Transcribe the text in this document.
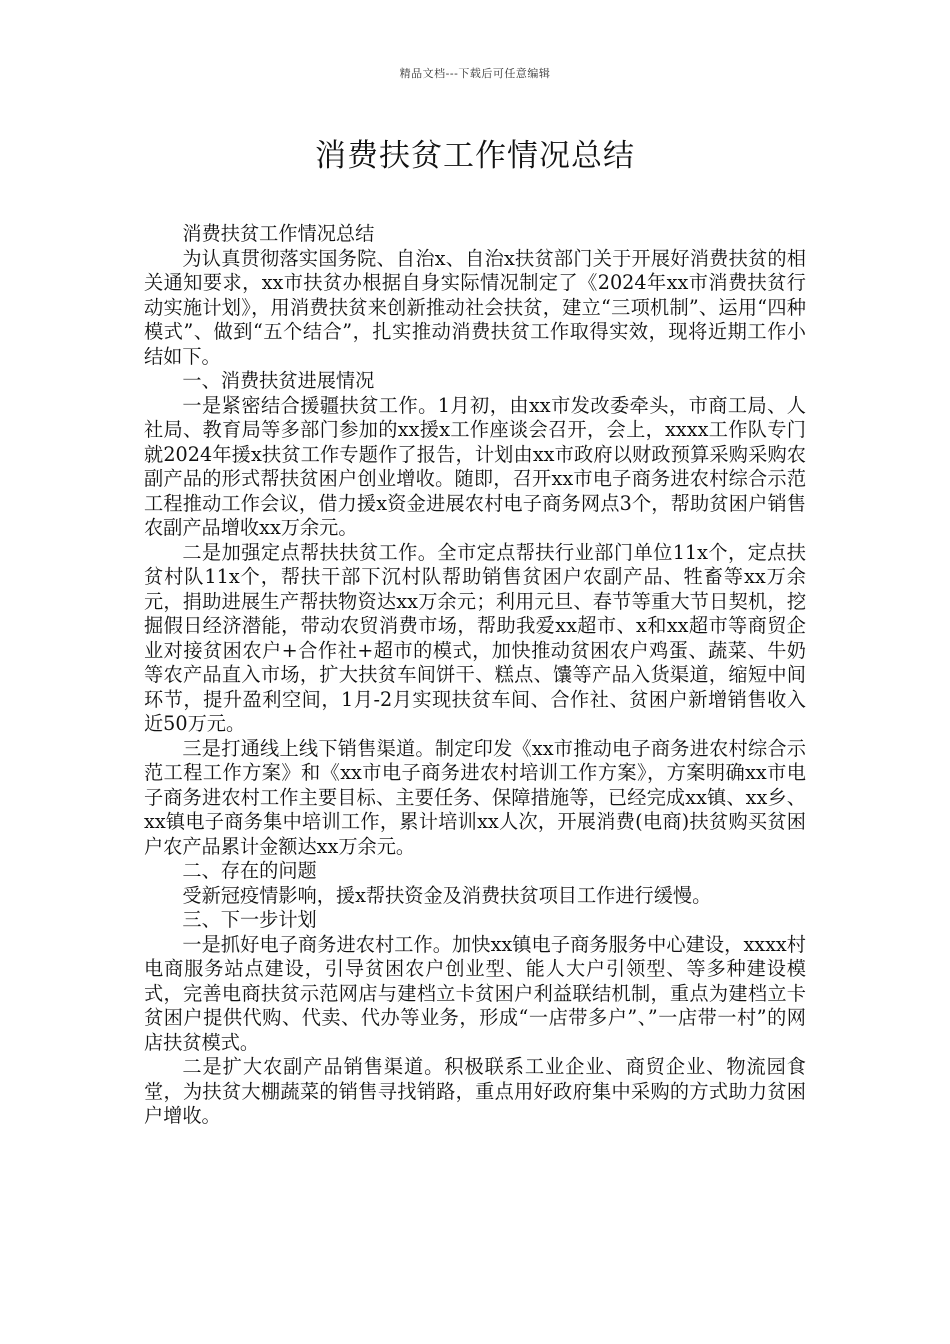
精品文档---下载后可任意编辑
消费扶贫工作情况总结

消费扶贫工作情况总结

为认真贯彻落实国务院、自治x、自治x扶贫部门关于开展好消费扶贫的相关通知要求，xx市扶贫办根据自身实际情况制定了《2024年xx市消费扶贫行动实施计划》，用消费扶贫来创新推动社会扶贫，建立“三项机制”、运用“四种模式”、做到“五个结合”，扎实推动消费扶贫工作取得实效，现将近期工作小结如下。

一、消费扶贫进展情况

一是紧密结合援疆扶贫工作。1月初，由xx市发改委牵头，市商工局、人社局、教育局等多部门参加的xx援x工作座谈会召开，会上，xxxx工作队专门就2024年援x扶贫工作专题作了报告，计划由xx市政府以财政预算采购采购农副产品的形式帮扶贫困户创业增收。随即，召开xx市电子商务进农村综合示范工程推动工作会议，借力援x资金进展农村电子商务网点3个，帮助贫困户销售农副产品增收xx万余元。

二是加强定点帮扶扶贫工作。全市定点帮扶行业部门单位11x个，定点扶贫村队11x个，帮扶干部下沉村队帮助销售贫困户农副产品、牲畜等xx万余元，捐助进展生产帮扶物资达xx万余元；利用元旦、春节等重大节日契机，挖掘假日经济潜能，带动农贸消费市场，帮助我爱xx超市、x和xx超市等商贸企业对接贫困农户+合作社+超市的模式，加快推动贫困农户鸡蛋、蔬菜、牛奶等农产品直入市场，扩大扶贫车间饼干、糕点、馕等产品入货渠道，缩短中间环节，提升盈利空间，1月-2月实现扶贫车间、合作社、贫困户新增销售收入近50万元。

三是打通线上线下销售渠道。制定印发《xx市推动电子商务进农村综合示范工程工作方案》和《xx市电子商务进农村培训工作方案》，方案明确xx市电子商务进农村工作主要目标、主要任务、保障措施等，已经完成xx镇、xx乡、xx镇电子商务集中培训工作，累计培训xx人次，开展消费(电商)扶贫购买贫困户农产品累计金额达xx万余元。

二、存在的问题

受新冠疫情影响，援x帮扶资金及消费扶贫项目工作进行缓慢。

三、下一步计划

一是抓好电子商务进农村工作。加快xx镇电子商务服务中心建设，xxxx村电商服务站点建设，引导贫困农户创业型、能人大户引领型、等多种建设模式，完善电商扶贫示范网店与建档立卡贫困户利益联结机制，重点为建档立卡贫困户提供代购、代卖、代办等业务，形成“一店带多户”、”一店带一村”的网店扶贫模式。

二是扩大农副产品销售渠道。积极联系工业企业、商贸企业、物流园食堂，为扶贫大棚蔬菜的销售寻找销路，重点用好政府集中采购的方式助力贫困户增收。
